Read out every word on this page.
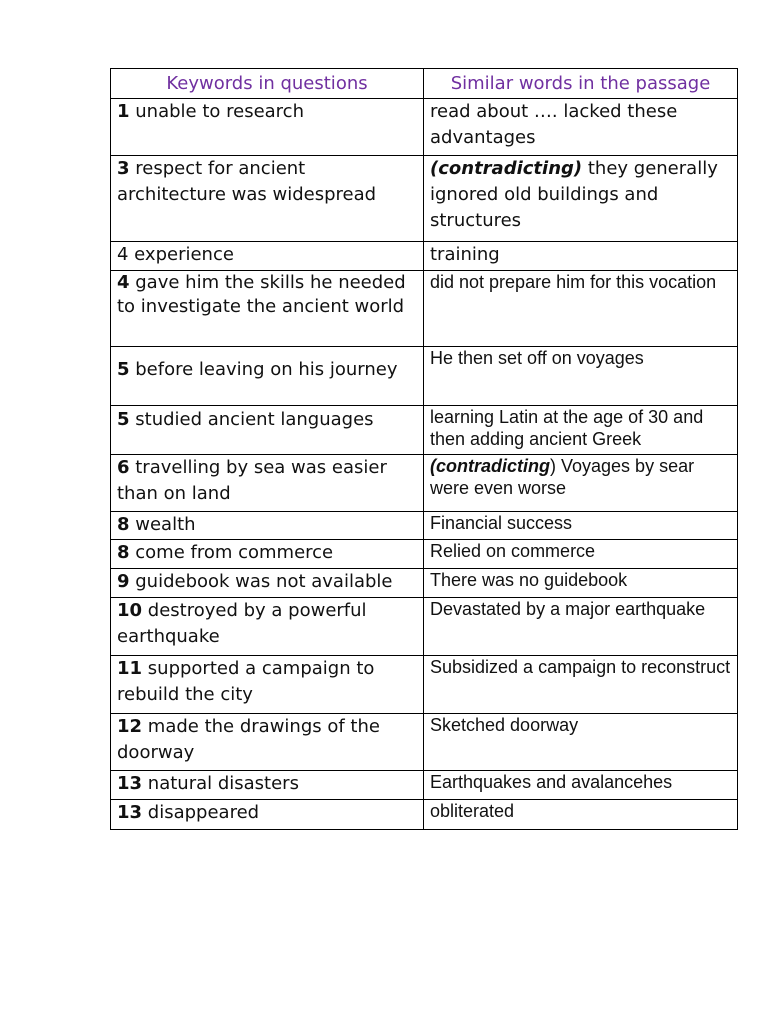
Keywords in questions	Similar words in the passage
1 unable to research	read about …. lacked these advantages
3 respect for ancient architecture was widespread	(contradicting) they generally ignored old buildings and structures
4 experience	training
4 gave him the skills he needed to investigate the ancient world	did not prepare him for this vocation
5 before leaving on his journey	He then set off on voyages
5 studied ancient languages	learning Latin at the age of 30 and then adding ancient Greek
6 travelling by sea was easier than on land	(contradicting) Voyages by sear were even worse
8 wealth	Financial success
8 come from commerce	Relied on commerce
9 guidebook was not available	There was no guidebook
10 destroyed by a powerful earthquake	Devastated by a major earthquake
11 supported a campaign to rebuild the city	Subsidized a campaign to reconstruct
12 made the drawings of the doorway	Sketched doorway
13 natural disasters	Earthquakes and avalancehes
13 disappeared	obliterated
